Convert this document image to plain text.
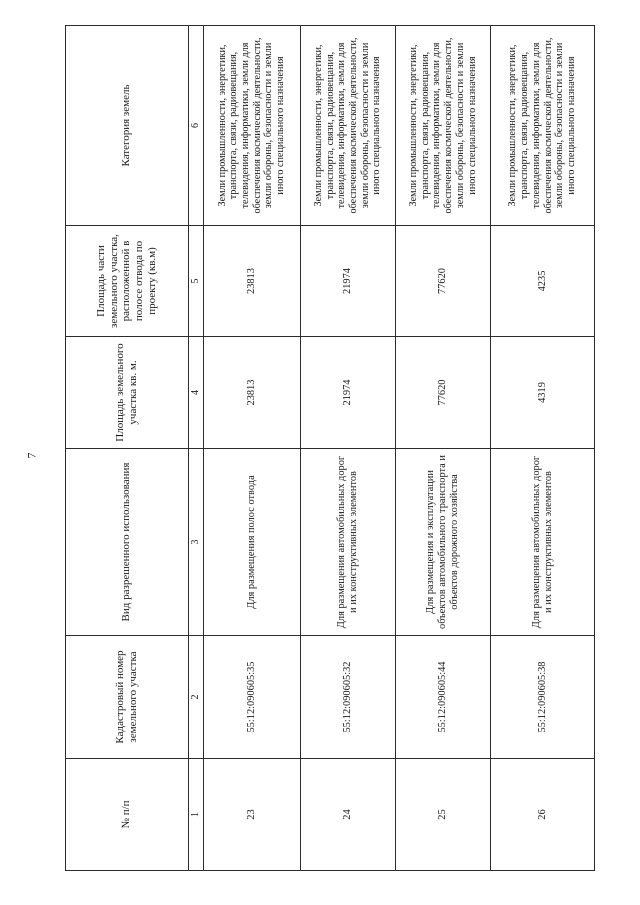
7
№ п/п	Кадастровый номер земельного участка	Вид разрешенного использования	Площадь земельного участка кв. м.	Площадь части земельного участка, расположенной в полосе отвода по проекту (кв.м)	Категория земель
1	2	3	4	5	6
23	55:12:090605:35	Для размещения полос отвода	23813	23813	Земли промышленности, энергетики, транспорта, связи, радиовещания, телевидения, информатики, земли для обеспечения космической деятельности, земли обороны, безопасности и земли иного специального назначения
24	55:12:090605:32	Для размещения автомобильных дорог и их конструктивных элементов	21974	21974	Земли промышленности, энергетики, транспорта, связи, радиовещания, телевидения, информатики, земли для обеспечения космической деятельности, земли обороны, безопасности и земли иного специального назначения
25	55:12:090605:44	Для размещения и эксплуатации объектов автомобильного транспорта и объектов дорожного хозяйства	77620	77620	Земли промышленности, энергетики, транспорта, связи, радиовещания, телевидения, информатики, земли для обеспечения космической деятельности, земли обороны, безопасности и земли иного специального назначения
26	55:12:090605:38	Для размещения автомобильных дорог и их конструктивных элементов	4319	4235	Земли промышленности, энергетики, транспорта, связи, радиовещания, телевидения, информатики, земли для обеспечения космической деятельности, земли обороны, безопасности и земли иного специального назначения
